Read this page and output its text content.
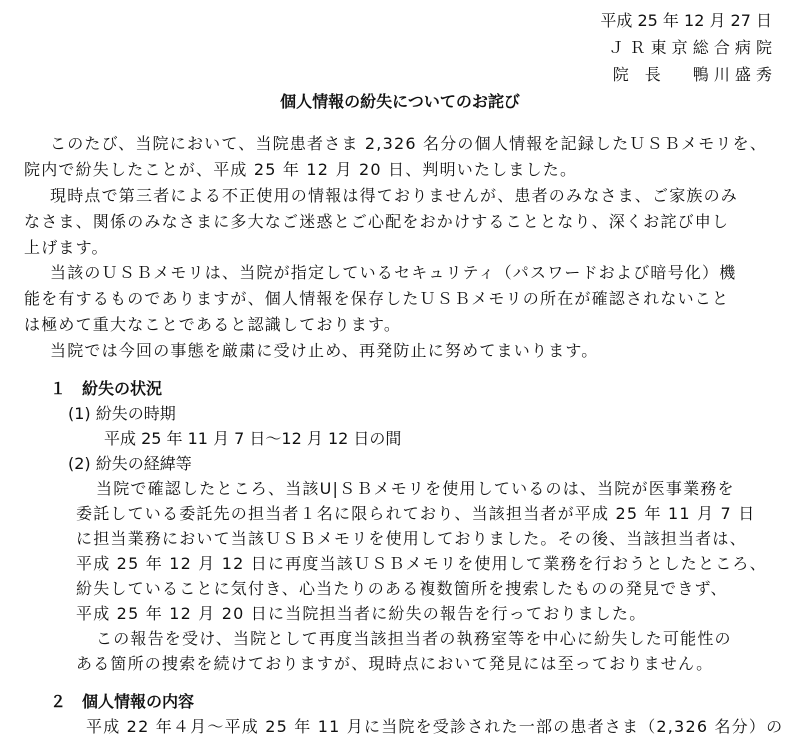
平成 25 年 12 月 27 日
Ｊ Ｒ 東 京 総 合 病 院
院　長　　鴨 川 盛 秀
個人情報の紛失についてのお詫び
このたび、当院において、当院患者さま 2,326 名分の個人情報を記録したＵＳＢメモリを、
院内で紛失したことが、平成 25 年 12 月 20 日、判明いたしました。
現時点で第三者による不正使用の情報は得ておりませんが、患者のみなさま、ご家族のみ
なさま、関係のみなさまに多大なご迷惑とご心配をおかけすることとなり、深くお詫び申し
上げます。
当該のＵＳＢメモリは、当院が指定しているセキュリティ（パスワードおよび暗号化）機
能を有するものでありますが、個人情報を保存したＵＳＢメモリの所在が確認されないこと
は極めて重大なことであると認識しております。
当院では今回の事態を厳粛に受け止め、再発防止に努めてまいります。
１　紛失の状況
(1) 紛失の時期
平成 25 年 11 月 7 日〜12 月 12 日の間
(2) 紛失の経緯等
当院で確認したところ、当該U|ＳＢメモリを使用しているのは、当院が医事業務を
委託している委託先の担当者１名に限られており、当該担当者が平成 25 年 11 月 7 日
に担当業務において当該ＵＳＢメモリを使用しておりました。その後、当該担当者は、
平成 25 年 12 月 12 日に再度当該ＵＳＢメモリを使用して業務を行おうとしたところ、
紛失していることに気付き、心当たりのある複数箇所を捜索したものの発見できず、
平成 25 年 12 月 20 日に当院担当者に紛失の報告を行っておりました。
この報告を受け、当院として再度当該担当者の執務室等を中心に紛失した可能性の
ある箇所の捜索を続けておりますが、現時点において発見には至っておりません。
２　個人情報の内容
平成 22 年４月〜平成 25 年 11 月に当院を受診された一部の患者さま（2,326 名分）の
